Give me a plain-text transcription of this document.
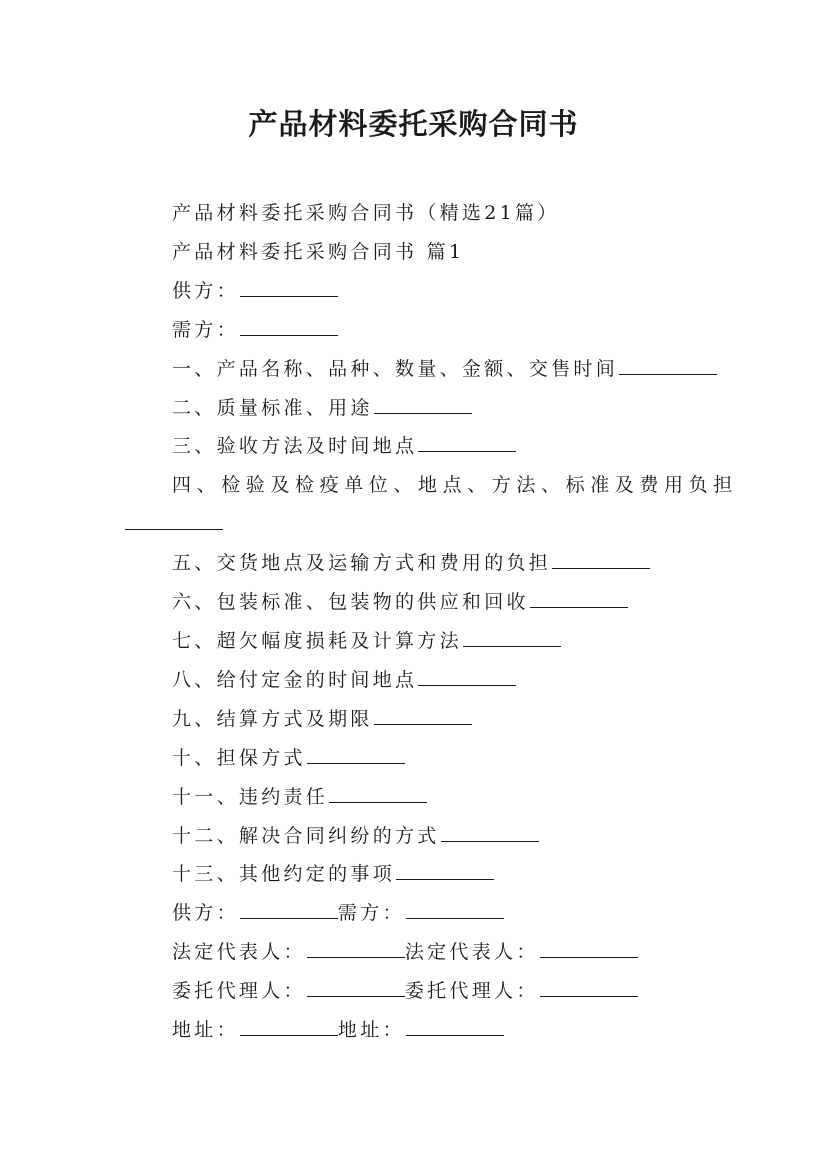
产品材料委托采购合同书
产品材料委托采购合同书（精选21篇）
产品材料委托采购合同书 篇1
供方：
需方：
一、产品名称、品种、数量、金额、交售时间
二、质量标准、用途
三、验收方法及时间地点
四、检验及检疫单位、地点、方法、标准及费用负担
五、交货地点及运输方式和费用的负担
六、包装标准、包装物的供应和回收
七、超欠幅度损耗及计算方法
八、给付定金的时间地点
九、结算方式及期限
十、担保方式
十一、违约责任
十二、解决合同纠纷的方式
十三、其他约定的事项
供方：	需方：
法定代表人：	法定代表人：
委托代理人：	委托代理人：
地址：	地址：
